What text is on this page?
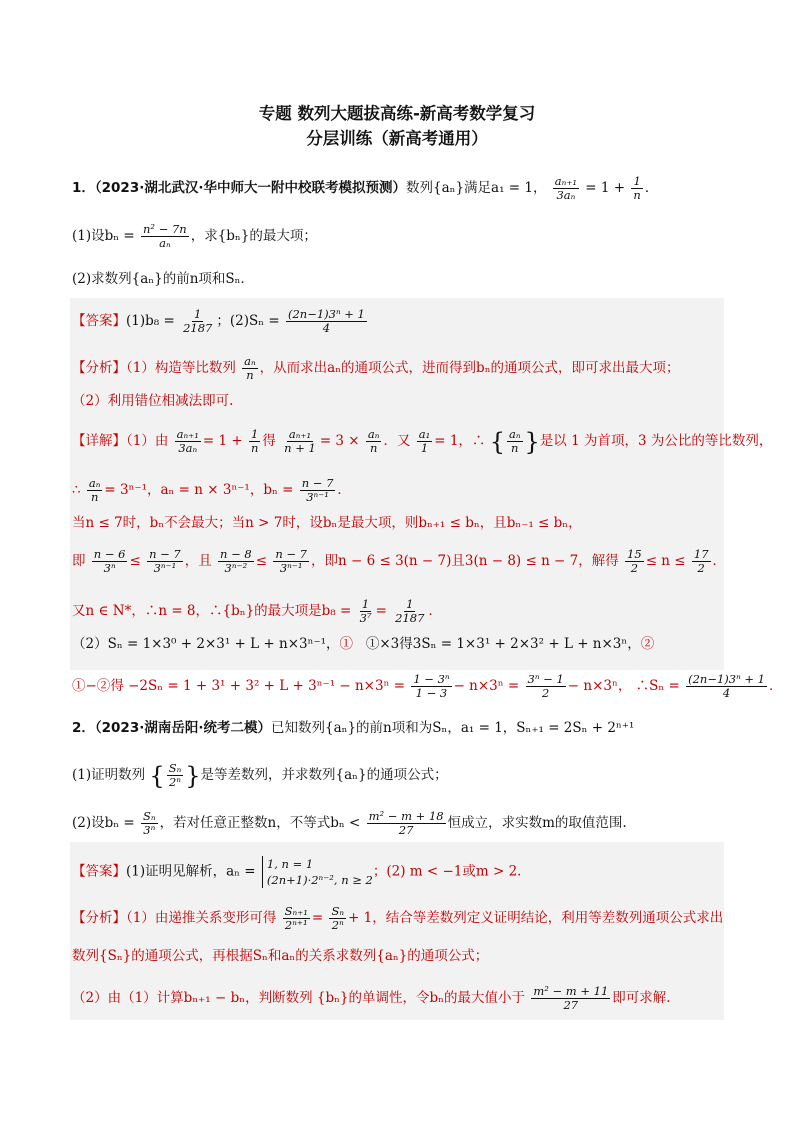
专题 数列大题拔高练-新高考数学复习
分层训练（新高考通用）
1．（2023·湖北武汉·华中师大一附中校联考模拟预测）数列{aₙ}满足a₁ = 1， $\frac{\text{aₙ₊₁}}{\text{3aₙ}} = 1 + \frac{1}{n}$ ．
(1)设$b_n = \frac{\text{n² − 7n}}{\text{aₙ}}$ ，求{bₙ}的最大项；
(2)求数列{aₙ}的前n项和Sₙ．
【答案】$(1)b_8 = \frac{1}{2187}$ ；$(2)S_n = \frac{\text{(2n−1)3ⁿ + 1}}{4}$
【分析】（1）构造等比数列 $\frac{\text{aₙ}}{n}$ ，从而求出aₙ的通项公式，进而得到bₙ的通项公式，即可求出最大项；
（2）利用错位相减法即可.
【详解】（1）由 $\frac{\text{aₙ₊₁}}{\text{3aₙ}} = 1 + \frac{1}{n}$ 得 $\frac{\text{aₙ₊₁}}{n + 1} = 3 \times \frac{\text{aₙ}}{n}$ ．又 $\frac{\text{a₁}}{1} = 1$，∴ { $\frac{\text{aₙ}}{n}$ } 是以 1 为首项，3 为公比的等比数列，
∴ $\frac{\text{aₙ}}{n} = 3^{n-1}$，aₙ = n × 3ⁿ⁻¹，$b_n = \frac{n - 7}{\text{3ⁿ⁻¹}}$ ．
当n ≤ 7时，bₙ不会最大；当n > 7时，设bₙ是最大项，则bₙ₊₁ ≤ bₙ，且bₙ₋₁ ≤ bₙ，
即 $\frac{n - 6}{\text{3ⁿ}} \le \frac{n - 7}{\text{3ⁿ⁻¹}}$ ，且 $\frac{n - 8}{\text{3ⁿ⁻²}} \le \frac{n - 7}{\text{3ⁿ⁻¹}}$ ，即n − 6 ≤ 3(n − 7)且3(n − 8) ≤ n − 7，解得 $\frac{15}{2} \le n \le \frac{17}{2}$ ．
又n ∈ N*，∴n = 8，∴{bₙ}的最大项是$b_8 = \frac{1}{\text{3⁷}} = \frac{1}{2187}$ ．
（2）Sₙ = 1×3⁰ + 2×3¹ + L + n×3ⁿ⁻¹，① ①×3得3Sₙ = 1×3¹ + 2×3² + L + n×3ⁿ，②
①−②得 $-2S_n = 1 + 3^1 + 3^2 + L + 3^{n-1} - n\times 3^n = \frac{\text{1 − 3ⁿ}}{1 - 3} - n\times 3^n = \frac{\text{3ⁿ − 1}}{2} - n\times 3^n$， ∴Sₙ = $\frac{\text{(2n−1)3ⁿ + 1}}{4}$ ．
2．（2023·湖南岳阳·统考二模）已知数列{aₙ}的前n项和为Sₙ，a₁ = 1，Sₙ₊₁ = 2Sₙ + 2ⁿ⁺¹
(1)证明数列 { $\frac{\text{Sₙ}}{\text{2ⁿ}}$ } 是等差数列，并求数列{aₙ}的通项公式；
(2)设$b_n = \frac{\text{Sₙ}}{\text{3ⁿ}}$ ，若对任意正整数n，不等式$b_n < \frac{\text{m² − m + 18}}{27}$ 恒成立，求实数m的取值范围.
【答案】(1)证明见解析，aₙ = 1, n = 1
(2n+1)·2ⁿ⁻², n ≥ 2
；(2) m < −1或m > 2．
【分析】（1）由递推关系变形可得 $\frac{\text{Sₙ₊₁}}{\text{2ⁿ⁺¹}} = \frac{\text{Sₙ}}{\text{2ⁿ}} + 1$，结合等差数列定义证明结论，利用等差数列通项公式求出
数列{Sₙ}的通项公式，再根据Sₙ和aₙ的关系求数列{aₙ}的通项公式；
（2）由（1）计算bₙ₊₁ − bₙ，判断数列 {bₙ}的单调性，令bₙ的最大值小于 $\frac{\text{m² − m + 11}}{27}$ 即可求解.
